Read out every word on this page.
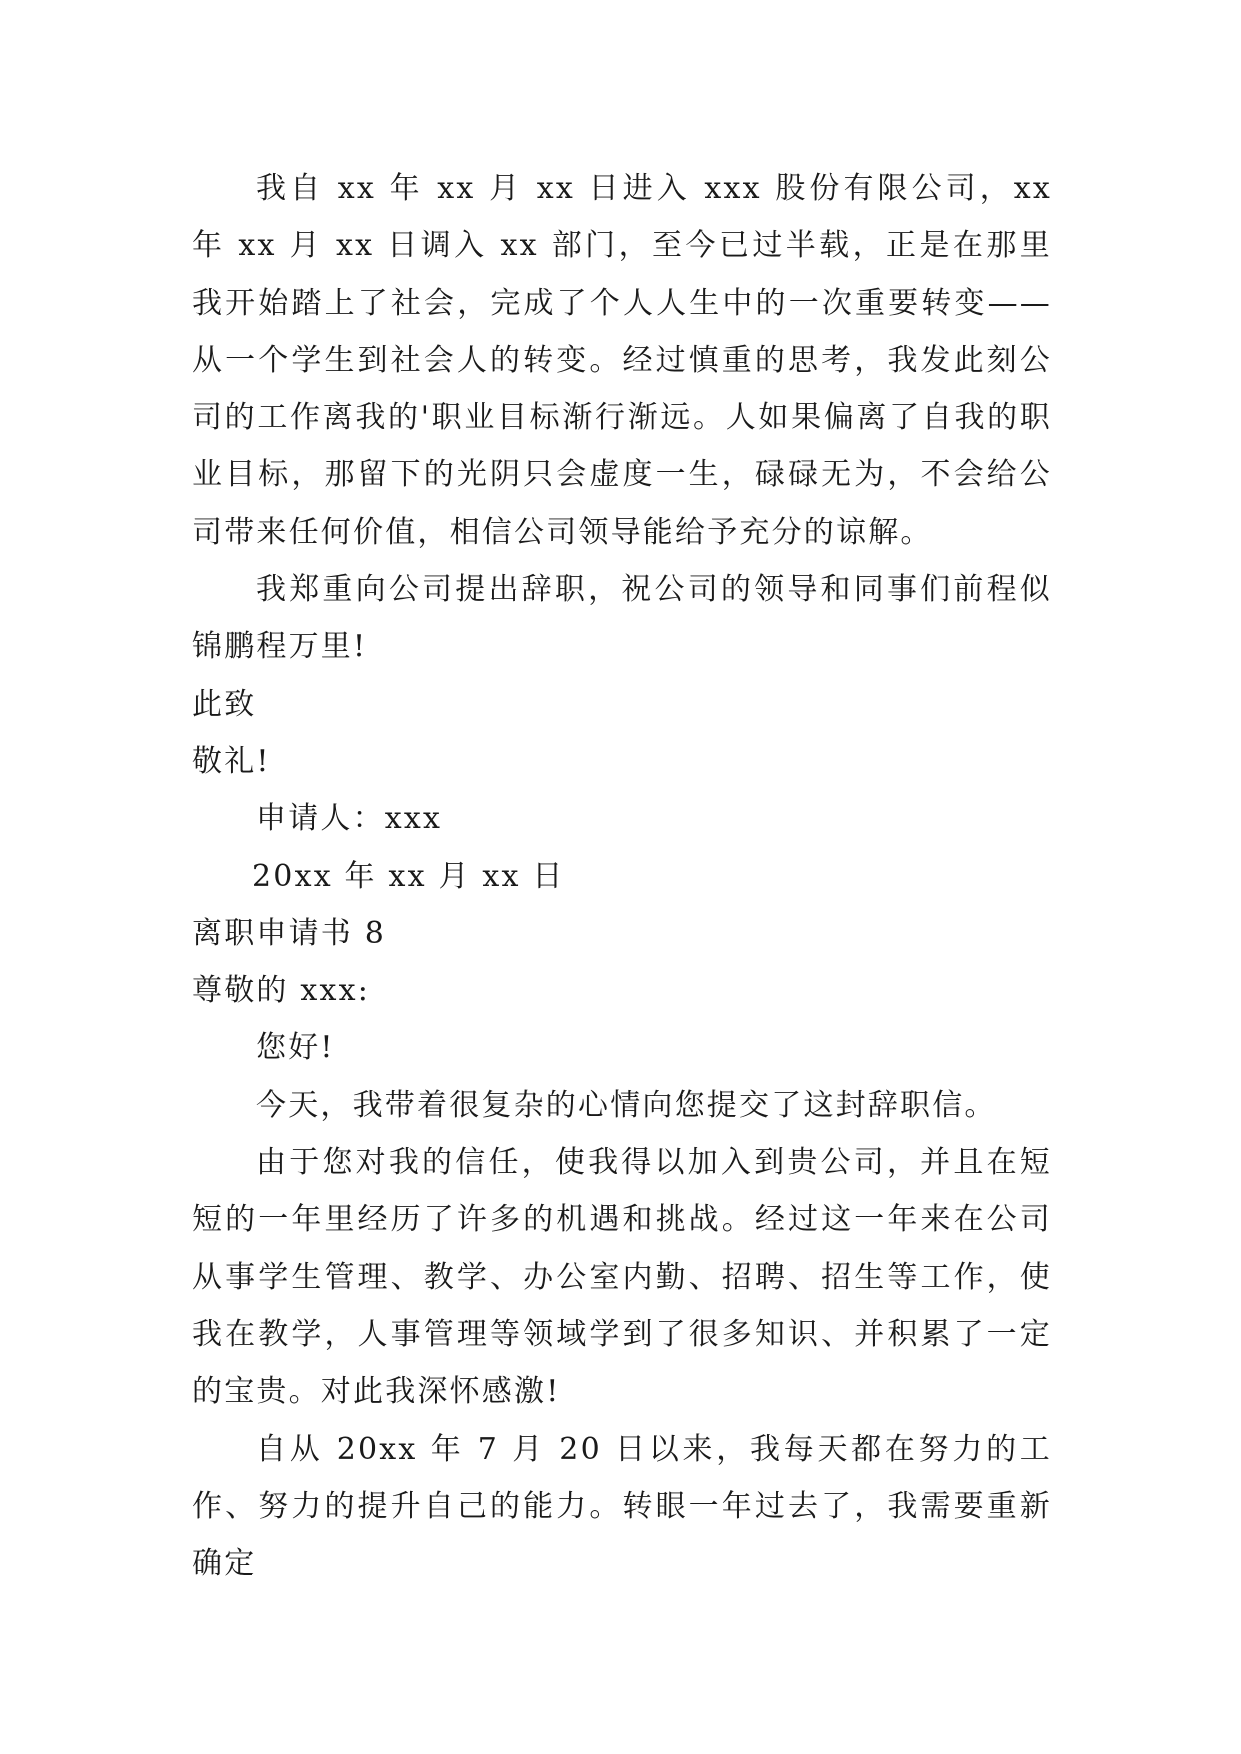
我自 xx 年 xx 月 xx 日进入 xxx 股份有限公司，xx 年 xx 月 xx 日调入 xx 部门，至今已过半载，正是在那里我开始踏上了社会，完成了个人人生中的一次重要转变——从一个学生到社会人的转变。经过慎重的思考，我发此刻公司的工作离我的'职业目标渐行渐远。人如果偏离了自我的职业目标，那留下的光阴只会虚度一生，碌碌无为，不会给公司带来任何价值，相信公司领导能给予充分的谅解。

我郑重向公司提出辞职，祝公司的领导和同事们前程似锦鹏程万里!

此致

敬礼!

申请人：xxx

20xx 年 xx 月 xx 日

离职申请书 8

尊敬的 xxx:

您好!

今天，我带着很复杂的心情向您提交了这封辞职信。

由于您对我的信任，使我得以加入到贵公司，并且在短短的一年里经历了许多的机遇和挑战。经过这一年来在公司从事学生管理、教学、办公室内勤、招聘、招生等工作，使我在教学，人事管理等领域学到了很多知识、并积累了一定的宝贵。对此我深怀感激!

自从 20xx 年 7 月 20 日以来，我每天都在努力的工作、努力的提升自己的能力。转眼一年过去了，我需要重新确定
